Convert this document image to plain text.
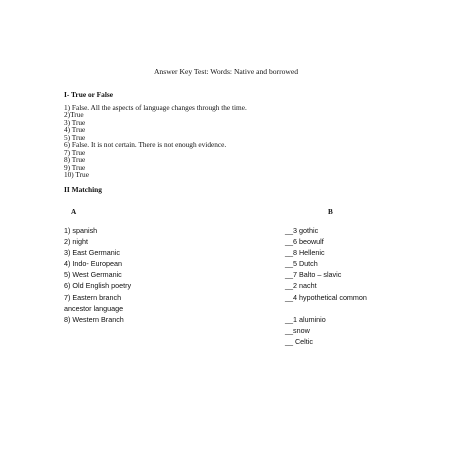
Answer Key Test: Words: Native and borrowed
I- True or False
1) False. All the aspects of language changes through the time.
2)True
3) True
4) True
5) True
6) False. It is not certain. There is not enough evidence.
7) True
8) True
9) True
10) True
II Matching
A	B
1) spanish
2) night
3) East Germanic
4) Indo- European
5) West Germanic
6) Old English poetry
7) Eastern branch
ancestor language
8) Western Branch
__3 gothic
__6 beowulf
__8 Hellenic
__5 Dutch
__7 Balto – slavic
__2 nacht
__4 hypothetical common
__1 aluminio
__snow
__ Celtic
